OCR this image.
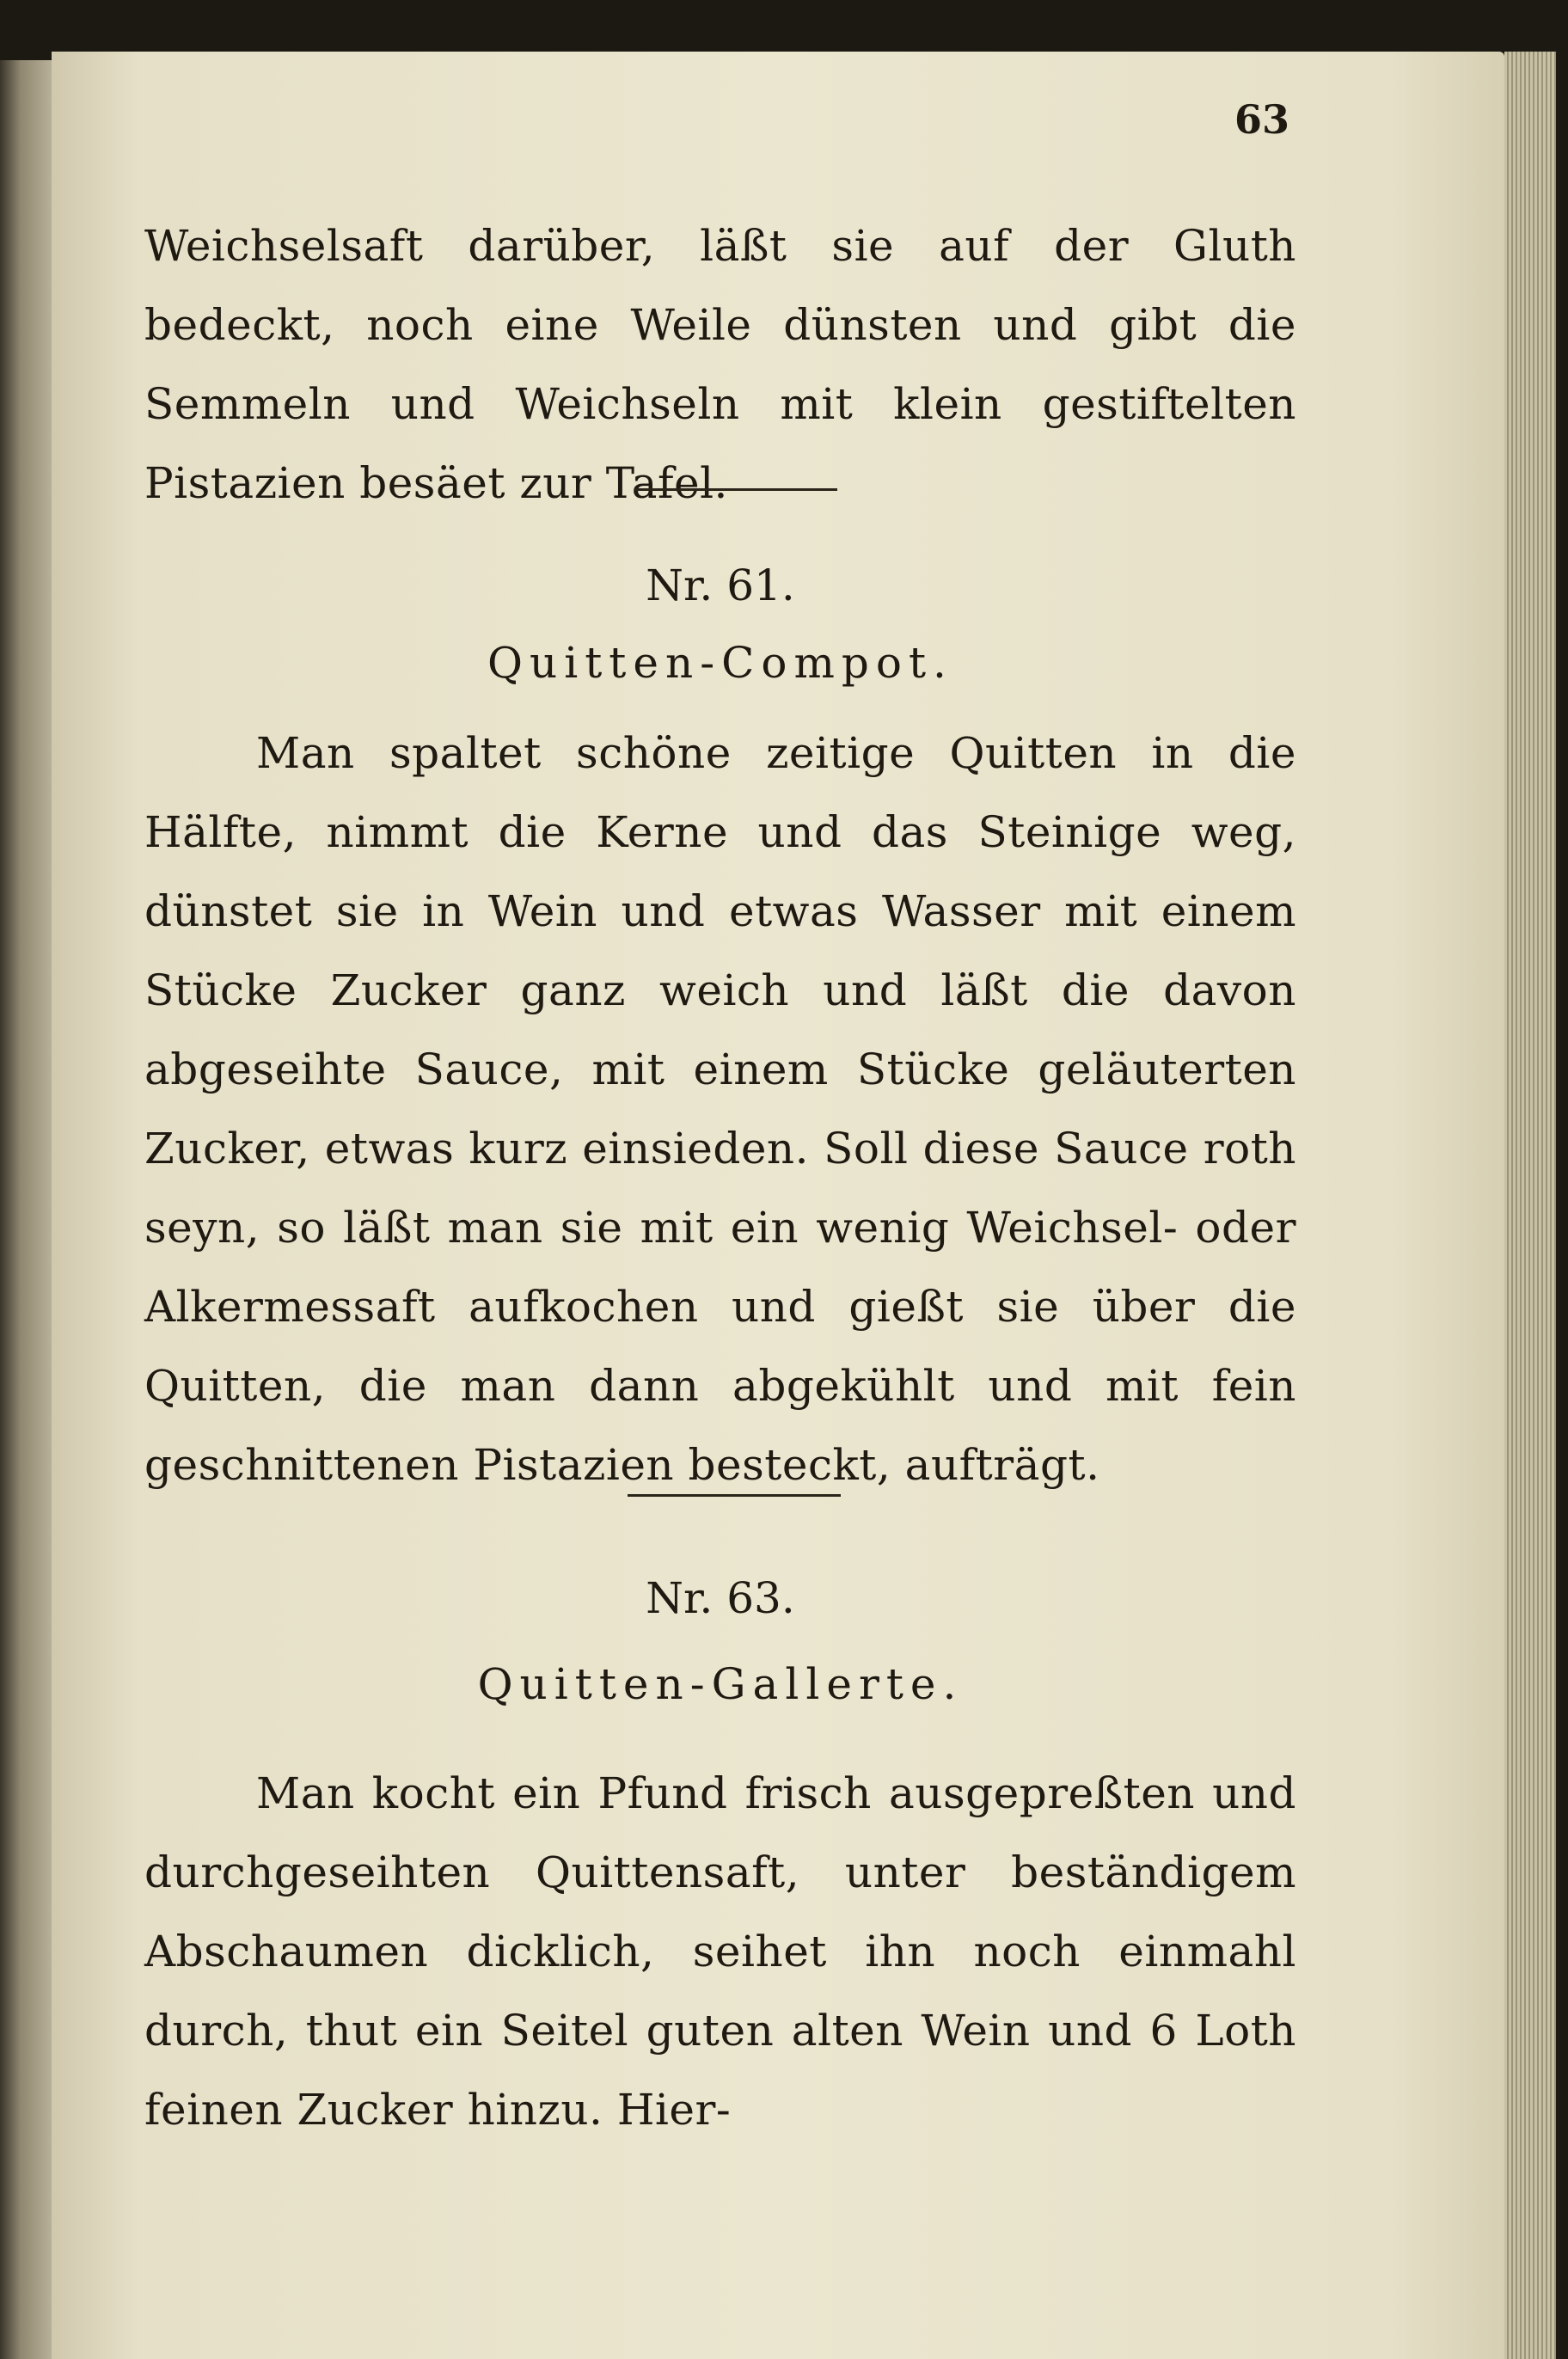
63

Weichselsaft darüber, läßt sie auf der Gluth bedeckt, noch eine Weile dünsten und gibt die Semmeln und Weichseln mit klein gestiftelten Pistazien besäet zur Tafel.

Nr. 61.
Quitten-Compot.

Man spaltet schöne zeitige Quitten in die Hälfte, nimmt die Kerne und das Steinige weg, dünstet sie in Wein und etwas Wasser mit einem Stücke Zucker ganz weich und läßt die davon abgeseihte Sauce, mit einem Stücke geläuterten Zucker, etwas kurz einsieden. Soll diese Sauce roth seyn, so läßt man sie mit ein wenig Weichsel- oder Alkermessaft aufkochen und gießt sie über die Quitten, die man dann abgekühlt und mit fein geschnittenen Pistazien besteckt, aufträgt.

Nr. 63.
Quitten-Gallerte.

Man kocht ein Pfund frisch ausgepreßten und durchgeseihten Quittensaft, unter beständigem Abschaumen dicklich, seihet ihn noch einmahl durch, thut ein Seitel guten alten Wein und 6 Loth feinen Zucker hinzu. Hier-
